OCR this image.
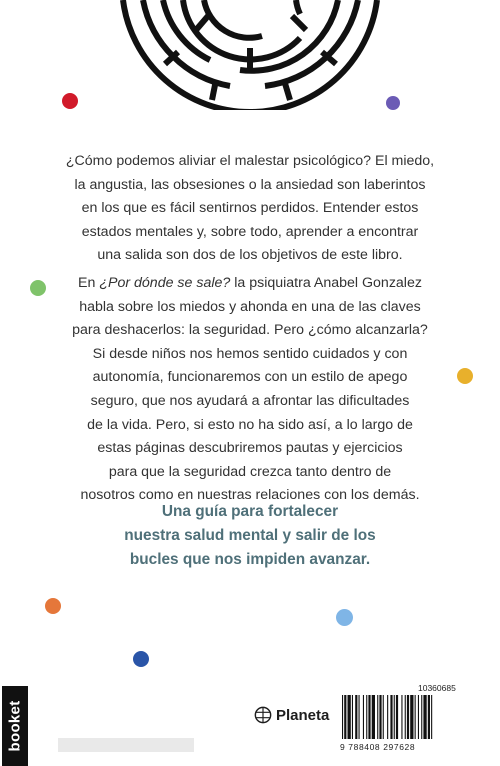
¿Cómo podemos aliviar el malestar psicológico? El miedo,

la angustia, las obsesiones o la ansiedad son laberintos

en los que es fácil sentirnos perdidos. Entender estos

estados mentales y, sobre todo, aprender a encontrar

una salida son dos de los objetivos de este libro.

En ¿Por dónde se sale? la psiquiatra Anabel Gonzalez

habla sobre los miedos y ahonda en una de las claves

para deshacerlos: la seguridad. Pero ¿cómo alcanzarla?

Si desde niños nos hemos sentido cuidados y con

autonomía, funcionaremos con un estilo de apego

seguro, que nos ayudará a afrontar las dificultades

de la vida. Pero, si esto no ha sido así, a lo largo de

estas páginas descubriremos pautas y ejercicios

para que la seguridad crezca tanto dentro de

nosotros como en nuestras relaciones con los demás.

Una guía para fortalecer
nuestra salud mental y salir de los
bucles que nos impiden avanzar.
booket	Planeta
10360685
9 788408 297628
